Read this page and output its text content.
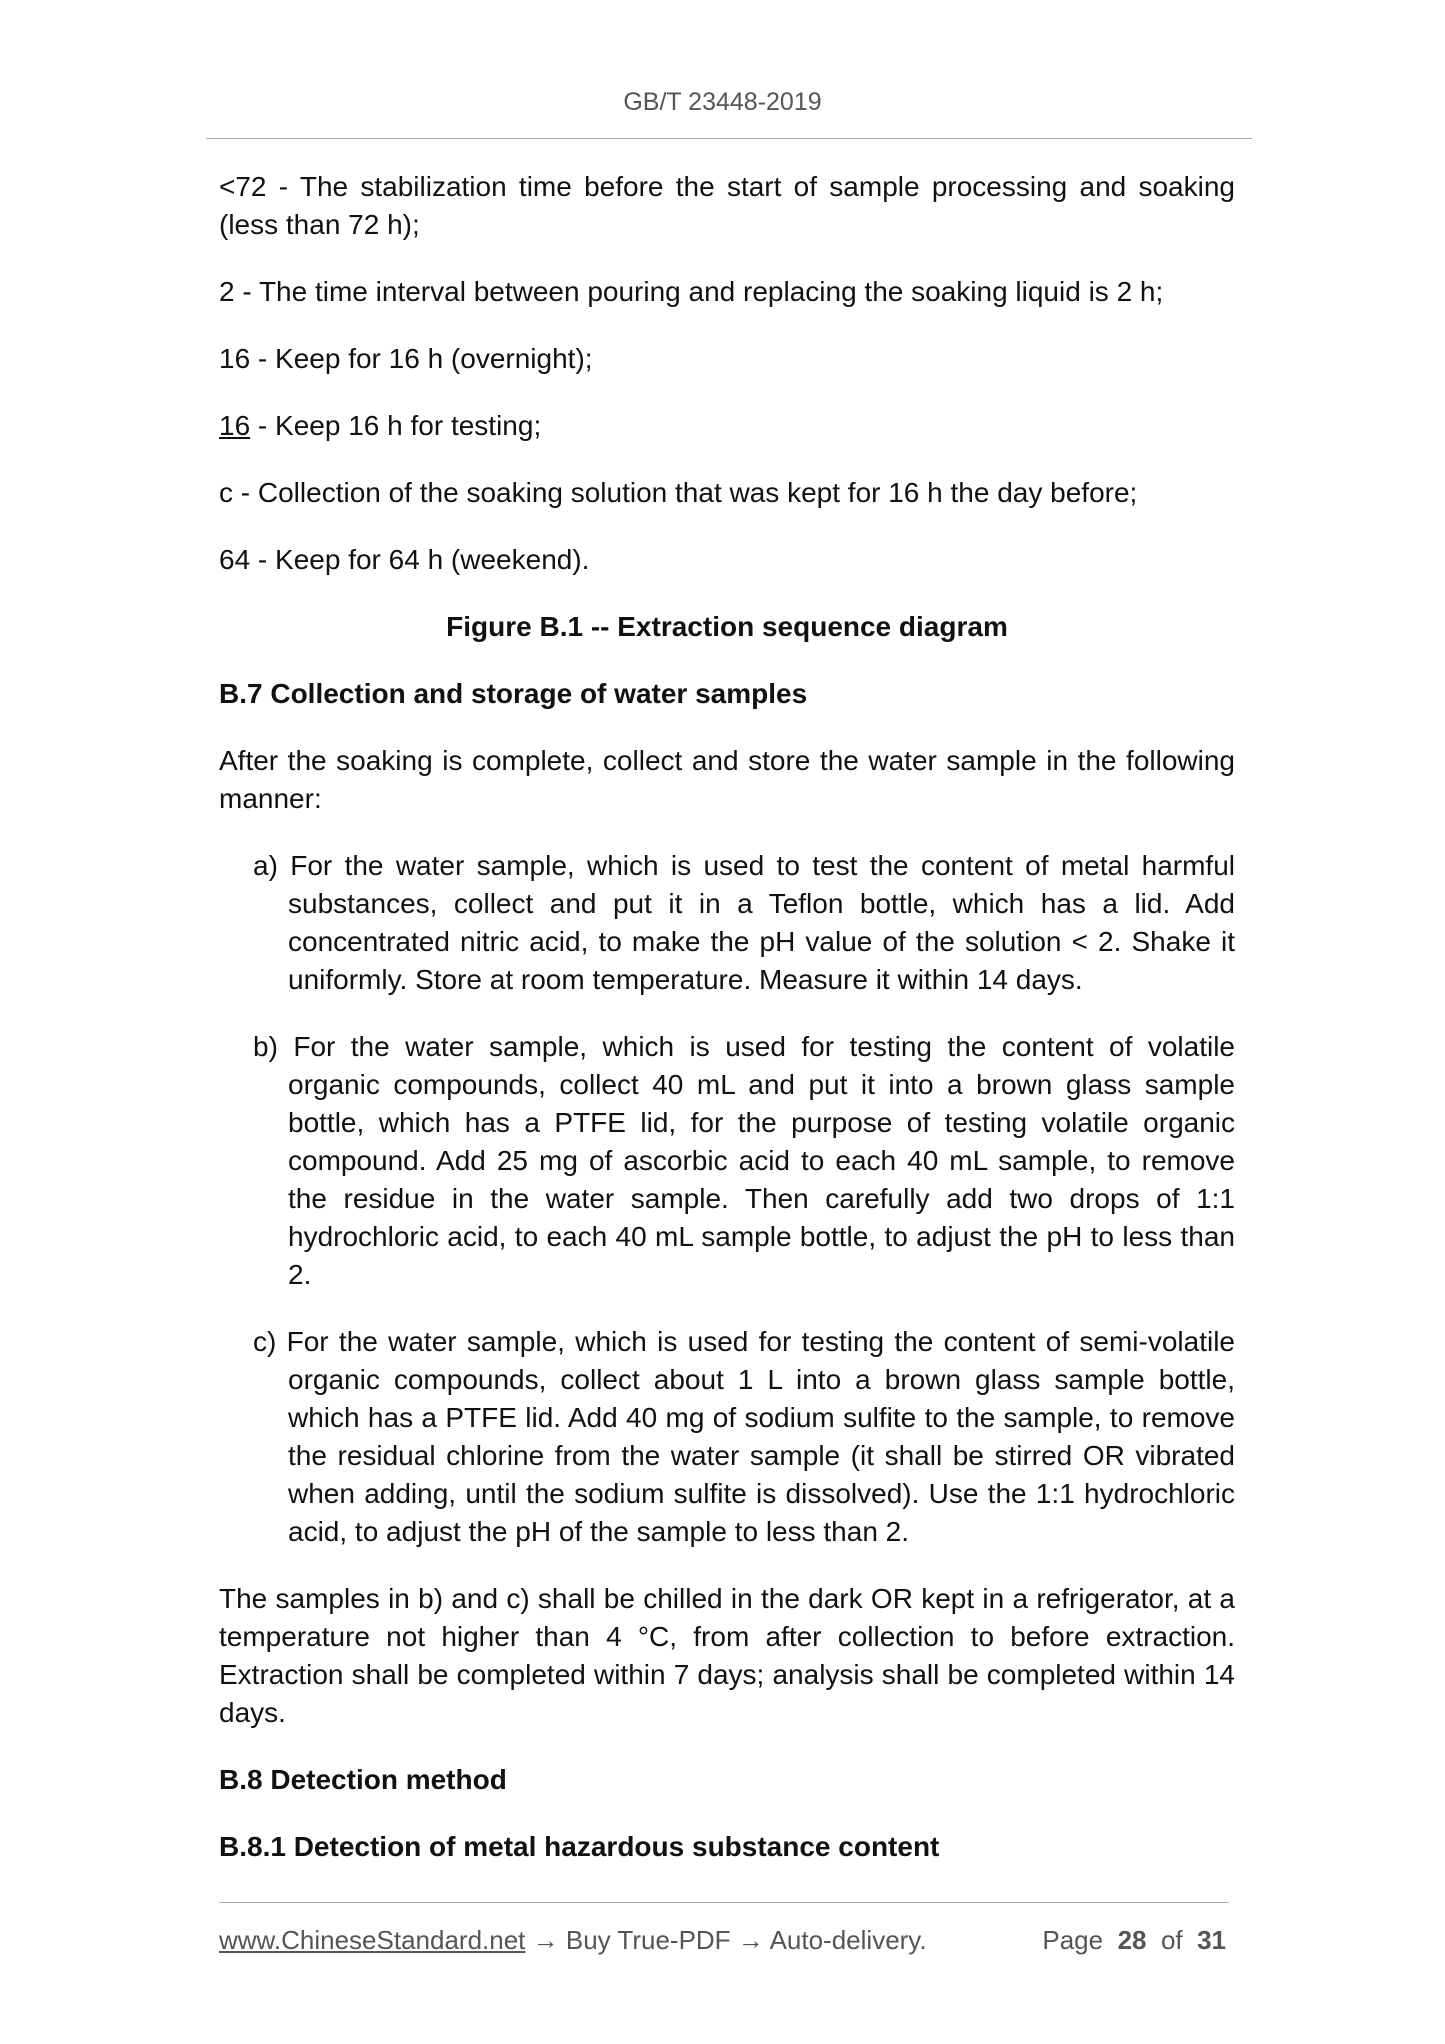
GB/T 23448-2019

<72 - The stabilization time before the start of sample processing and soaking (less than 72 h);

2 - The time interval between pouring and replacing the soaking liquid is 2 h;

16 - Keep for 16 h (overnight);

16 - Keep 16 h for testing;

c - Collection of the soaking solution that was kept for 16 h the day before;

64 - Keep for 64 h (weekend).

Figure B.1 -- Extraction sequence diagram

B.7 Collection and storage of water samples

After the soaking is complete, collect and store the water sample in the following manner:

a) For the water sample, which is used to test the content of metal harmful substances, collect and put it in a Teflon bottle, which has a lid. Add concentrated nitric acid, to make the pH value of the solution < 2. Shake it uniformly. Store at room temperature. Measure it within 14 days.

b) For the water sample, which is used for testing the content of volatile organic compounds, collect 40 mL and put it into a brown glass sample bottle, which has a PTFE lid, for the purpose of testing volatile organic compound. Add 25 mg of ascorbic acid to each 40 mL sample, to remove the residue in the water sample. Then carefully add two drops of 1:1 hydrochloric acid, to each 40 mL sample bottle, to adjust the pH to less than 2.

c) For the water sample, which is used for testing the content of semi-volatile organic compounds, collect about 1 L into a brown glass sample bottle, which has a PTFE lid. Add 40 mg of sodium sulfite to the sample, to remove the residual chlorine from the water sample (it shall be stirred OR vibrated when adding, until the sodium sulfite is dissolved). Use the 1:1 hydrochloric acid, to adjust the pH of the sample to less than 2.

The samples in b) and c) shall be chilled in the dark OR kept in a refrigerator, at a temperature not higher than 4 °C, from after collection to before extraction. Extraction shall be completed within 7 days; analysis shall be completed within 14 days.

B.8 Detection method

B.8.1 Detection of metal hazardous substance content

www.ChineseStandard.net → Buy True-PDF → Auto-delivery.	Page 28 of 31
